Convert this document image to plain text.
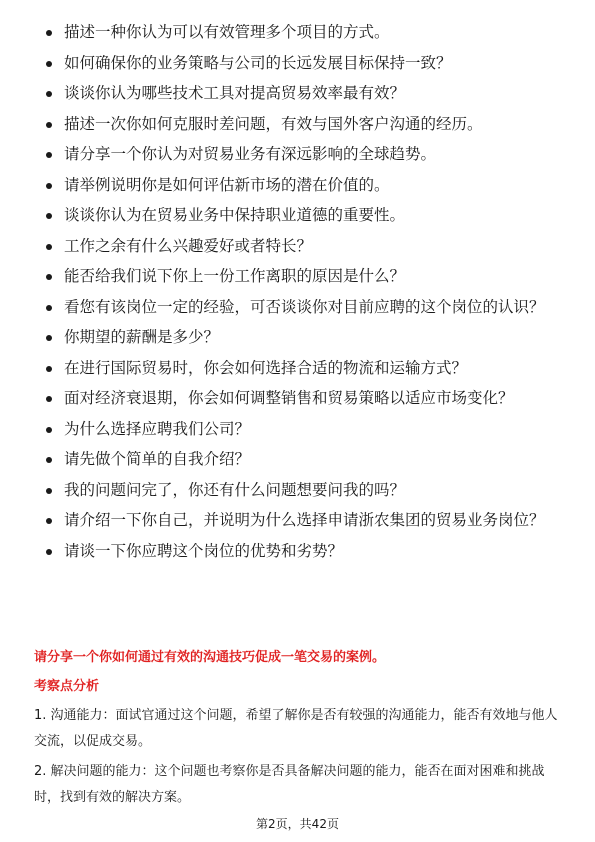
描述一种你认为可以有效管理多个项目的方式。
如何确保你的业务策略与公司的长远发展目标保持一致？
谈谈你认为哪些技术工具对提高贸易效率最有效？
描述一次你如何克服时差问题，有效与国外客户沟通的经历。
请分享一个你认为对贸易业务有深远影响的全球趋势。
请举例说明你是如何评估新市场的潜在价值的。
谈谈你认为在贸易业务中保持职业道德的重要性。
工作之余有什么兴趣爱好或者特长？
能否给我们说下你上一份工作离职的原因是什么？
看您有该岗位一定的经验，可否谈谈你对目前应聘的这个岗位的认识？
你期望的薪酬是多少？
在进行国际贸易时，你会如何选择合适的物流和运输方式？
面对经济衰退期，你会如何调整销售和贸易策略以适应市场变化？
为什么选择应聘我们公司？
请先做个简单的自我介绍？
我的问题问完了，你还有什么问题想要问我的吗？
请介绍一下你自己，并说明为什么选择申请浙农集团的贸易业务岗位？
请谈一下你应聘这个岗位的优势和劣势？

请分享一个你如何通过有效的沟通技巧促成一笔交易的案例。

考察点分析

1. 沟通能力：面试官通过这个问题，希望了解你是否有较强的沟通能力，能否有效地与他人交流，以促成交易。

2. 解决问题的能力：这个问题也考察你是否具备解决问题的能力，能否在面对困难和挑战时，找到有效的解决方案。

第2页，共42页
